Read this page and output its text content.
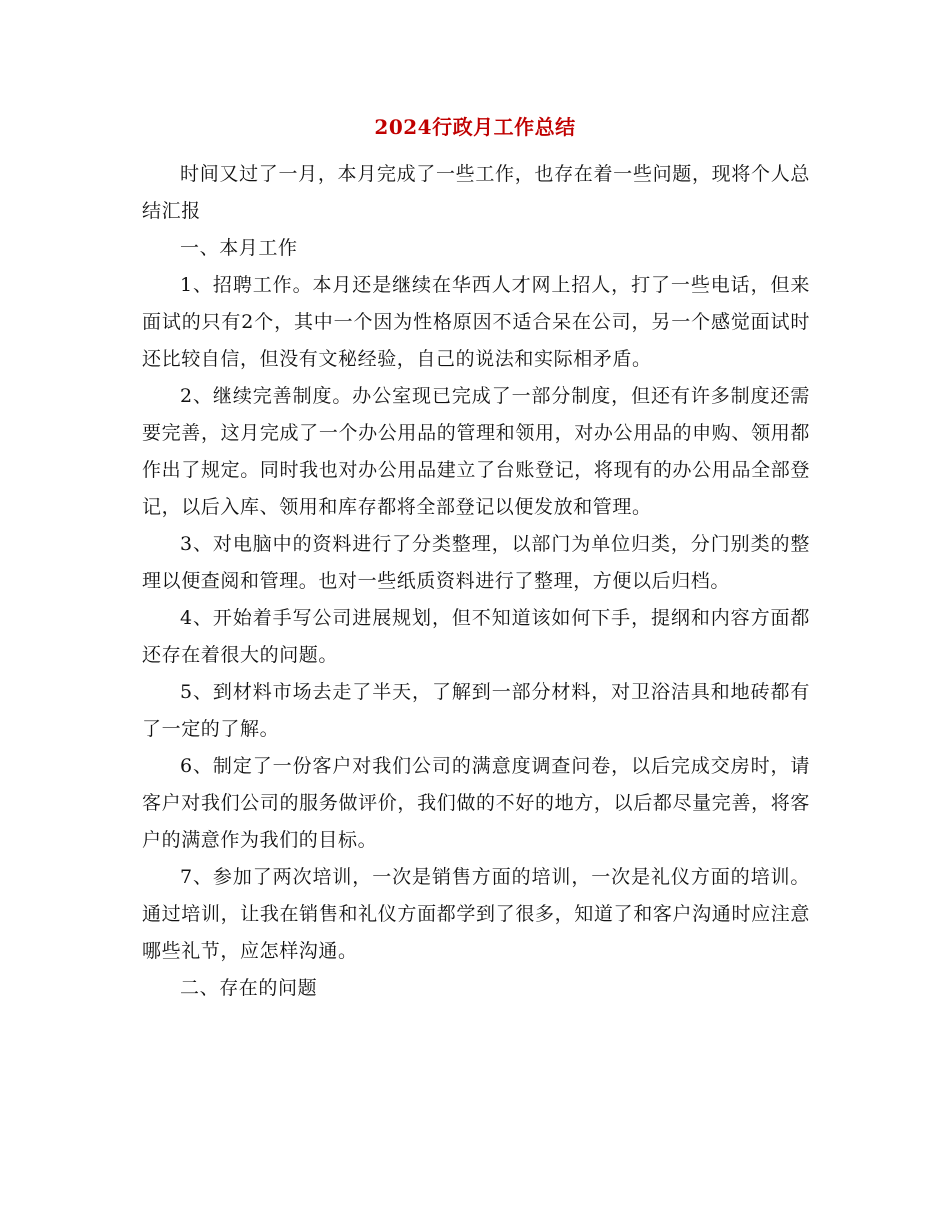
2024行政月工作总结

时间又过了一月，本月完成了一些工作，也存在着一些问题，现将个人总结汇报

一、本月工作

1、招聘工作。本月还是继续在华西人才网上招人，打了一些电话，但来面试的只有2个，其中一个因为性格原因不适合呆在公司，另一个感觉面试时还比较自信，但没有文秘经验，自己的说法和实际相矛盾。

2、继续完善制度。办公室现已完成了一部分制度，但还有许多制度还需要完善，这月完成了一个办公用品的管理和领用，对办公用品的申购、领用都作出了规定。同时我也对办公用品建立了台账登记，将现有的办公用品全部登记，以后入库、领用和库存都将全部登记以便发放和管理。

3、对电脑中的资料进行了分类整理，以部门为单位归类，分门别类的整理以便查阅和管理。也对一些纸质资料进行了整理，方便以后归档。

4、开始着手写公司进展规划，但不知道该如何下手，提纲和内容方面都还存在着很大的问题。

5、到材料市场去走了半天，了解到一部分材料，对卫浴洁具和地砖都有了一定的了解。

6、制定了一份客户对我们公司的满意度调查问卷，以后完成交房时，请客户对我们公司的服务做评价，我们做的不好的地方，以后都尽量完善，将客户的满意作为我们的目标。

7、参加了两次培训，一次是销售方面的培训，一次是礼仪方面的培训。通过培训，让我在销售和礼仪方面都学到了很多，知道了和客户沟通时应注意哪些礼节，应怎样沟通。

二、存在的问题
